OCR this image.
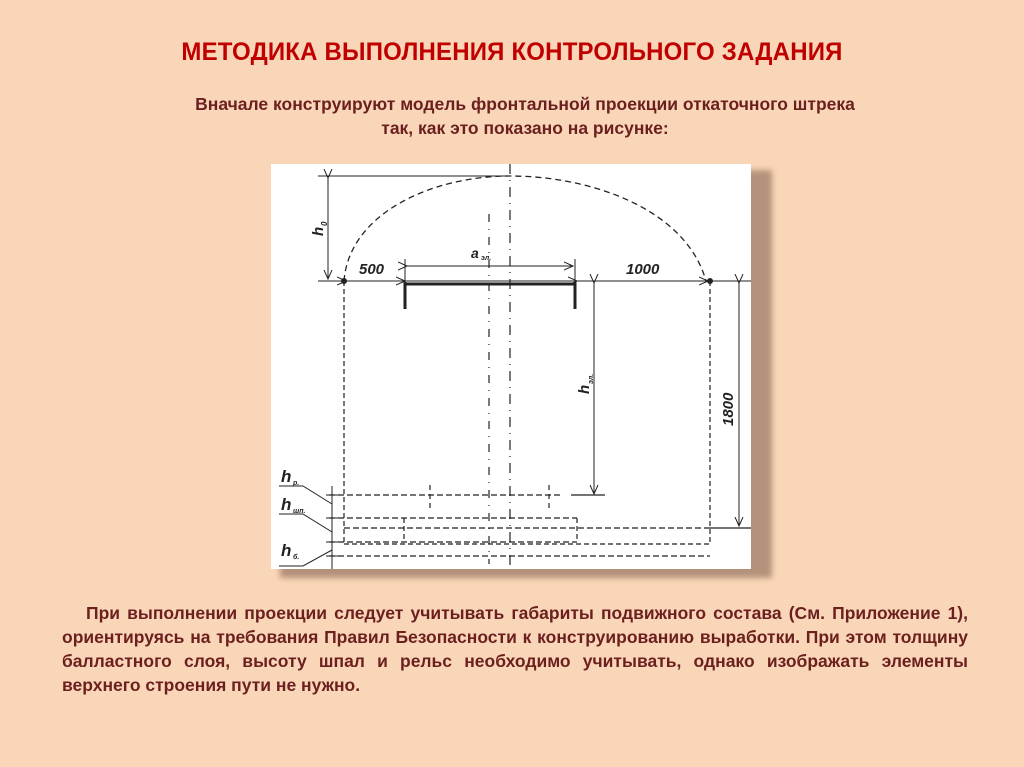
МЕТОДИКА ВЫПОЛНЕНИЯ КОНТРОЛЬНОГО ЗАДАНИЯ
Вначале конструируют модель фронтальной проекции откаточного штрека
так, как это показано на рисунке:
h
0
500
a эл.
1000
h
эл.
1800
h р.
h шп.
h б.
При выполнении проекции следует учитывать габариты подвижного состава (См. Приложение 1), ориентируясь на требования Правил Безопасности к конструированию выработки. При этом толщину балластного слоя, высоту шпал и рельс необходимо учитывать, однако изображать элементы верхнего строения пути не нужно.
